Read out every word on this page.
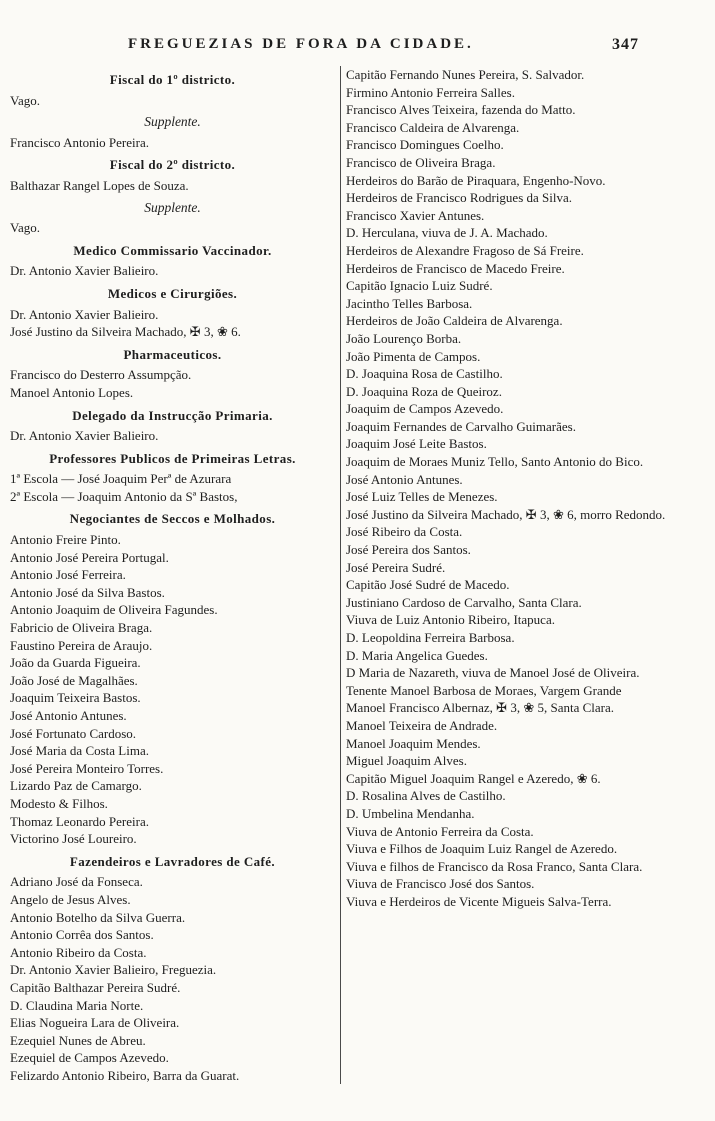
FREGUEZIAS DE FORA DA CIDADE.	347
Fiscal do 1º districto.
Vago.
Supplente.
Francisco Antonio Pereira.
Fiscal do 2º districto.
Balthazar Rangel Lopes de Souza.
Supplente.
Vago.
Medico Commissario Vaccinador.
Dr. Antonio Xavier Balieiro.
Medicos e Cirurgiões.
Dr. Antonio Xavier Balieiro.
José Justino da Silveira Machado, ✠ 3, ❀ 6.
Pharmaceuticos.
Francisco do Desterro Assumpção.
Manoel Antonio Lopes.
Delegado da Instrucção Primaria.
Dr. Antonio Xavier Balieiro.
Professores Publicos de Primeiras Letras.
1ª Escola — José Joaquim Perª de Azurara
2ª Escola — Joaquim Antonio da Sª Bastos,
Negociantes de Seccos e Molhados.
Antonio Freire Pinto.
Antonio José Pereira Portugal.
Antonio José Ferreira.
Antonio José da Silva Bastos.
Antonio Joaquim de Oliveira Fagundes.
Fabricio de Oliveira Braga.
Faustino Pereira de Araujo.
João da Guarda Figueira.
João José de Magalhães.
Joaquim Teixeira Bastos.
José Antonio Antunes.
José Fortunato Cardoso.
José Maria da Costa Lima.
José Pereira Monteiro Torres.
Lizardo Paz de Camargo.
Modesto & Filhos.
Thomaz Leonardo Pereira.
Victorino José Loureiro.
Fazendeiros e Lavradores de Café.
Adriano José da Fonseca.
Angelo de Jesus Alves.
Antonio Botelho da Silva Guerra.
Antonio Corrêa dos Santos.
Antonio Ribeiro da Costa.
Dr. Antonio Xavier Balieiro, Freguezia.
Capitão Balthazar Pereira Sudré.
D. Claudina Maria Norte.
Elias Nogueira Lara de Oliveira.
Ezequiel Nunes de Abreu.
Ezequiel de Campos Azevedo.
Felizardo Antonio Ribeiro, Barra da Guarat.
Capitão Fernando Nunes Pereira, S. Salvador.
Firmino Antonio Ferreira Salles.
Francisco Alves Teixeira, fazenda do Matto.
Francisco Caldeira de Alvarenga.
Francisco Domingues Coelho.
Francisco de Oliveira Braga.
Herdeiros do Barão de Piraquara, Engenho-Novo.
Herdeiros de Francisco Rodrigues da Silva.
Francisco Xavier Antunes.
D. Herculana, viuva de J. A. Machado.
Herdeiros de Alexandre Fragoso de Sá Freire.
Herdeiros de Francisco de Macedo Freire.
Capitão Ignacio Luiz Sudré.
Jacintho Telles Barbosa.
Herdeiros de João Caldeira de Alvarenga.
João Lourenço Borba.
João Pimenta de Campos.
D. Joaquina Rosa de Castilho.
D. Joaquina Roza de Queiroz.
Joaquim de Campos Azevedo.
Joaquim Fernandes de Carvalho Guimarães.
Joaquim José Leite Bastos.
Joaquim de Moraes Muniz Tello, Santo Antonio do Bico.
José Antonio Antunes.
José Luiz Telles de Menezes.
José Justino da Silveira Machado, ✠ 3, ❀ 6, morro Redondo.
José Ribeiro da Costa.
José Pereira dos Santos.
José Pereira Sudré.
Capitão José Sudré de Macedo.
Justiniano Cardoso de Carvalho, Santa Clara.
Viuva de Luiz Antonio Ribeiro, Itapuca.
D. Leopoldina Ferreira Barbosa.
D. Maria Angelica Guedes.
D Maria de Nazareth, viuva de Manoel José de Oliveira.
Tenente Manoel Barbosa de Moraes, Vargem Grande
Manoel Francisco Albernaz, ✠ 3, ❀ 5, Santa Clara.
Manoel Teixeira de Andrade.
Manoel Joaquim Mendes.
Miguel Joaquim Alves.
Capitão Miguel Joaquim Rangel e Azeredo, ❀ 6.
D. Rosalina Alves de Castilho.
D. Umbelina Mendanha.
Viuva de Antonio Ferreira da Costa.
Viuva e Filhos de Joaquim Luiz Rangel de Azeredo.
Viuva e filhos de Francisco da Rosa Franco, Santa Clara.
Viuva de Francisco José dos Santos.
Viuva e Herdeiros de Vicente Migueis Salva-Terra.
